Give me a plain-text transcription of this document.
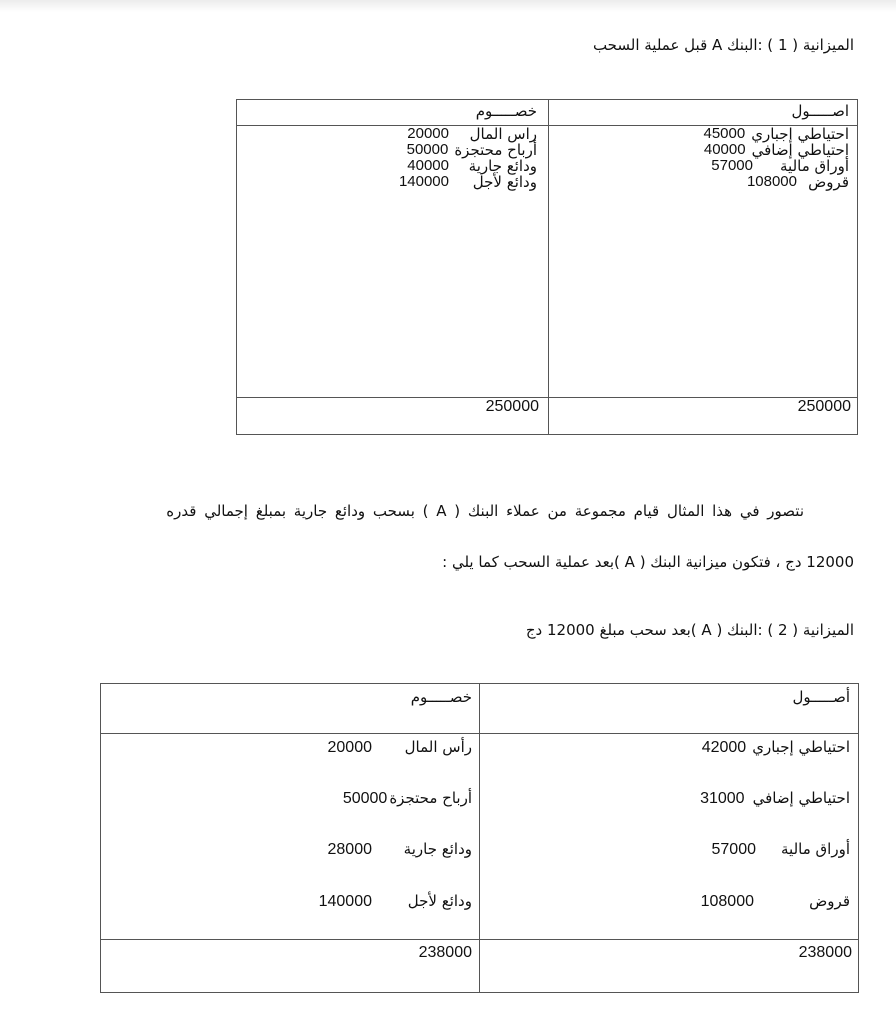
الميزانية ( 1 ) :البنك A قبل عملية السحب
اصـــــول
خصـــــوم
احتياطي إجباري
45000
احتياطي إضافي
40000
أوراق مالية
57000
قروض
108000
راس المال
20000
أرباح محتجزة
50000
ودائع جارية
40000
ودائع لأجل
140000
250000
250000
نتصور في هذا المثال قيام مجموعة من عملاء البنك ( A ) بسحب ودائع جارية بمبلغ إجمالي قدره
12000 دج ، فتكون ميزانية البنك ( A )بعد عملية السحب كما يلي :
الميزانية ( 2 ) :البنك ( A )بعد سحب مبلغ 12000 دج
أصـــــول
خصـــــوم
احتياطي إجباري
42000
احتياطي إضافي
31000
أوراق مالية
57000
قروض
108000
رأس المال
20000
أرباح محتجزة
50000
ودائع جارية
28000
ودائع لأجل
140000
238000
238000
